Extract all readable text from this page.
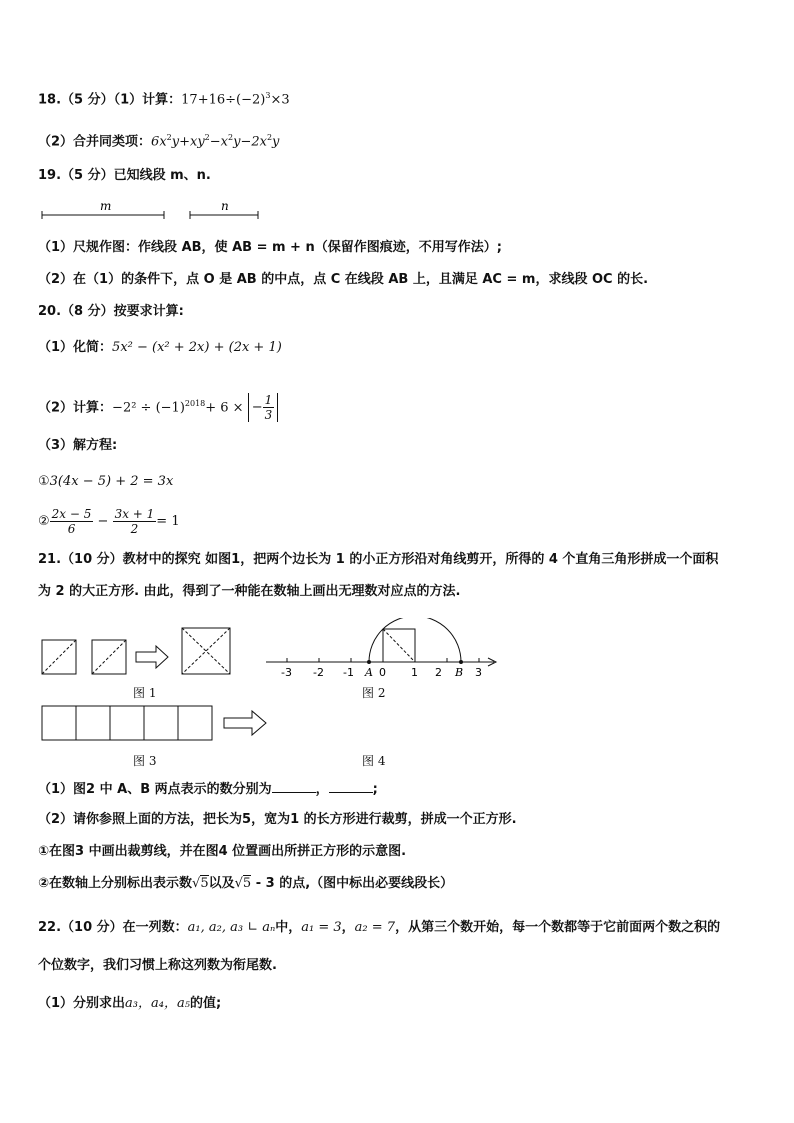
18.（5 分）（1）计算：$17+16\div(-2)^3\times 3$
（2）合并同类项：$6x^2y+xy^2-x^2y-2x^2y$
19.（5 分）已知线段 m、n.
m	n
（1）尺规作图：作线段 AB，使 AB = m + n（保留作图痕迹，不用写作法）;
（2）在（1）的条件下，点 O 是 AB 的中点，点 C 在线段 AB 上，且满足 AC = m，求线段 OC 的长.
20.（8 分）按要求计算:
（1）化简：5x² − (x² + 2x) + (2x + 1)
（2）计算：$-2^2 \div (-1)^{2018}+ 6$ × − $\frac{1}{3}$
（3）解方程:
①3(4x − 5) + 2 = 3x
② $\frac{2x - 5}{6} - \frac{3x + 1}{2} = 1$
21.（10 分）教材中的探究 如图1，把两个边长为 1 的小正方形沿对角线剪开，所得的 4 个直角三角形拼成一个面积
为 2 的大正方形. 由此，得到了一种能在数轴上画出无理数对应点的方法.
图 1
-3 -2 -1 0 1 2	3
A	B
图 2
图 3	图 4
（1）图2 中 A、B 两点表示的数分别为	，	;
（2）请你参照上面的方法，把长为5，宽为1 的长方形进行裁剪，拼成一个正方形.
①在图3 中画出裁剪线，并在图4 位置画出所拼正方形的示意图.
②在数轴上分别标出表示数√5以及√5 - 3 的点,（图中标出必要线段长）
22.（10 分）在一列数：a₁, a₂, a₃ ∟ aₙ中，a₁ = 3，a₂ = 7，从第三个数开始，每一个数都等于它前面两个数之积的
个位数字，我们习惯上称这列数为衔尾数.
（1）分别求出a₃，a₄，a₅的值;
